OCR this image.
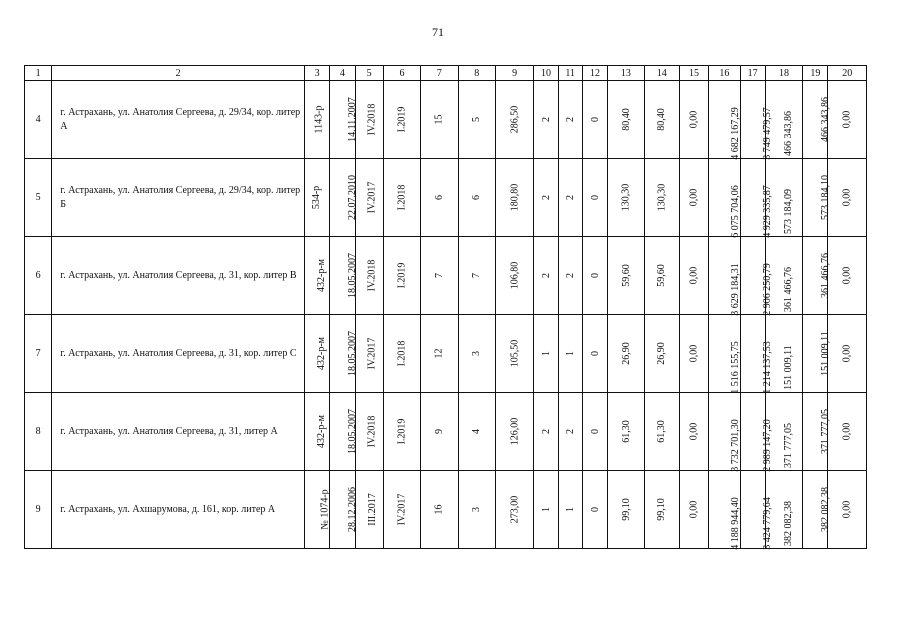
71
1	2	3	4	5	6	7	8	9	10	11	12	13	14	15	16	17	18	19	20
4	г. Астрахань, ул. Анатолия Сергеева, д. 29/34, кор. литер А	1143-р	14.11.2007	IV.2018	I.2019	15	5	286,50	2	2	0	80,40	80,40	0,00	4 682 167,29	3 749 479,57	466 343,86	466 343,86	0,00
5	г. Астрахань, ул. Анатолия Сергеева, д. 29/34, кор. литер Б	534-р	22.07.2010	IV.2017	I.2018	6	6	180,80	2	2	0	130,30	130,30	0,00	6 075 704,06	4 929 335,87	573 184,09	573 184,10	0,00
6	г. Астрахань, ул. Анатолия Сергеева, д. 31, кор. литер В	432-р-м	18.05.2007	IV.2018	I.2019	7	7	106,80	2	2	0	59,60	59,60	0,00	3 629 184,31	2 906 250,79	361 466,76	361 466,76	0,00
7	г. Астрахань, ул. Анатолия Сергеева, д. 31, кор. литер С	432-р-м	18.05.2007	IV.2017	I.2018	12	3	105,50	1	1	0	26,90	26,90	0,00	1 516 155,75	1 214 137,53	151 009,11	151 009,11	0,00
8	г. Астрахань, ул. Анатолия Сергеева, д. 31, литер А	432-р-м	18.05.2007	IV.2018	I.2019	9	4	126,00	2	2	0	61,30	61,30	0,00	3 732 701,30	2 989 147,20	371 777,05	371 777,05	0,00
9	г. Астрахань, ул. Ахшарумова, д. 161, кор. литер А	№ 1074-р	28.12.2006	III.2017	IV.2017	16	3	273,00	1	1	0	99,10	99,10	0,00	4 188 944,40	3 424 779,64	382 082,38	382 082,38	0,00
